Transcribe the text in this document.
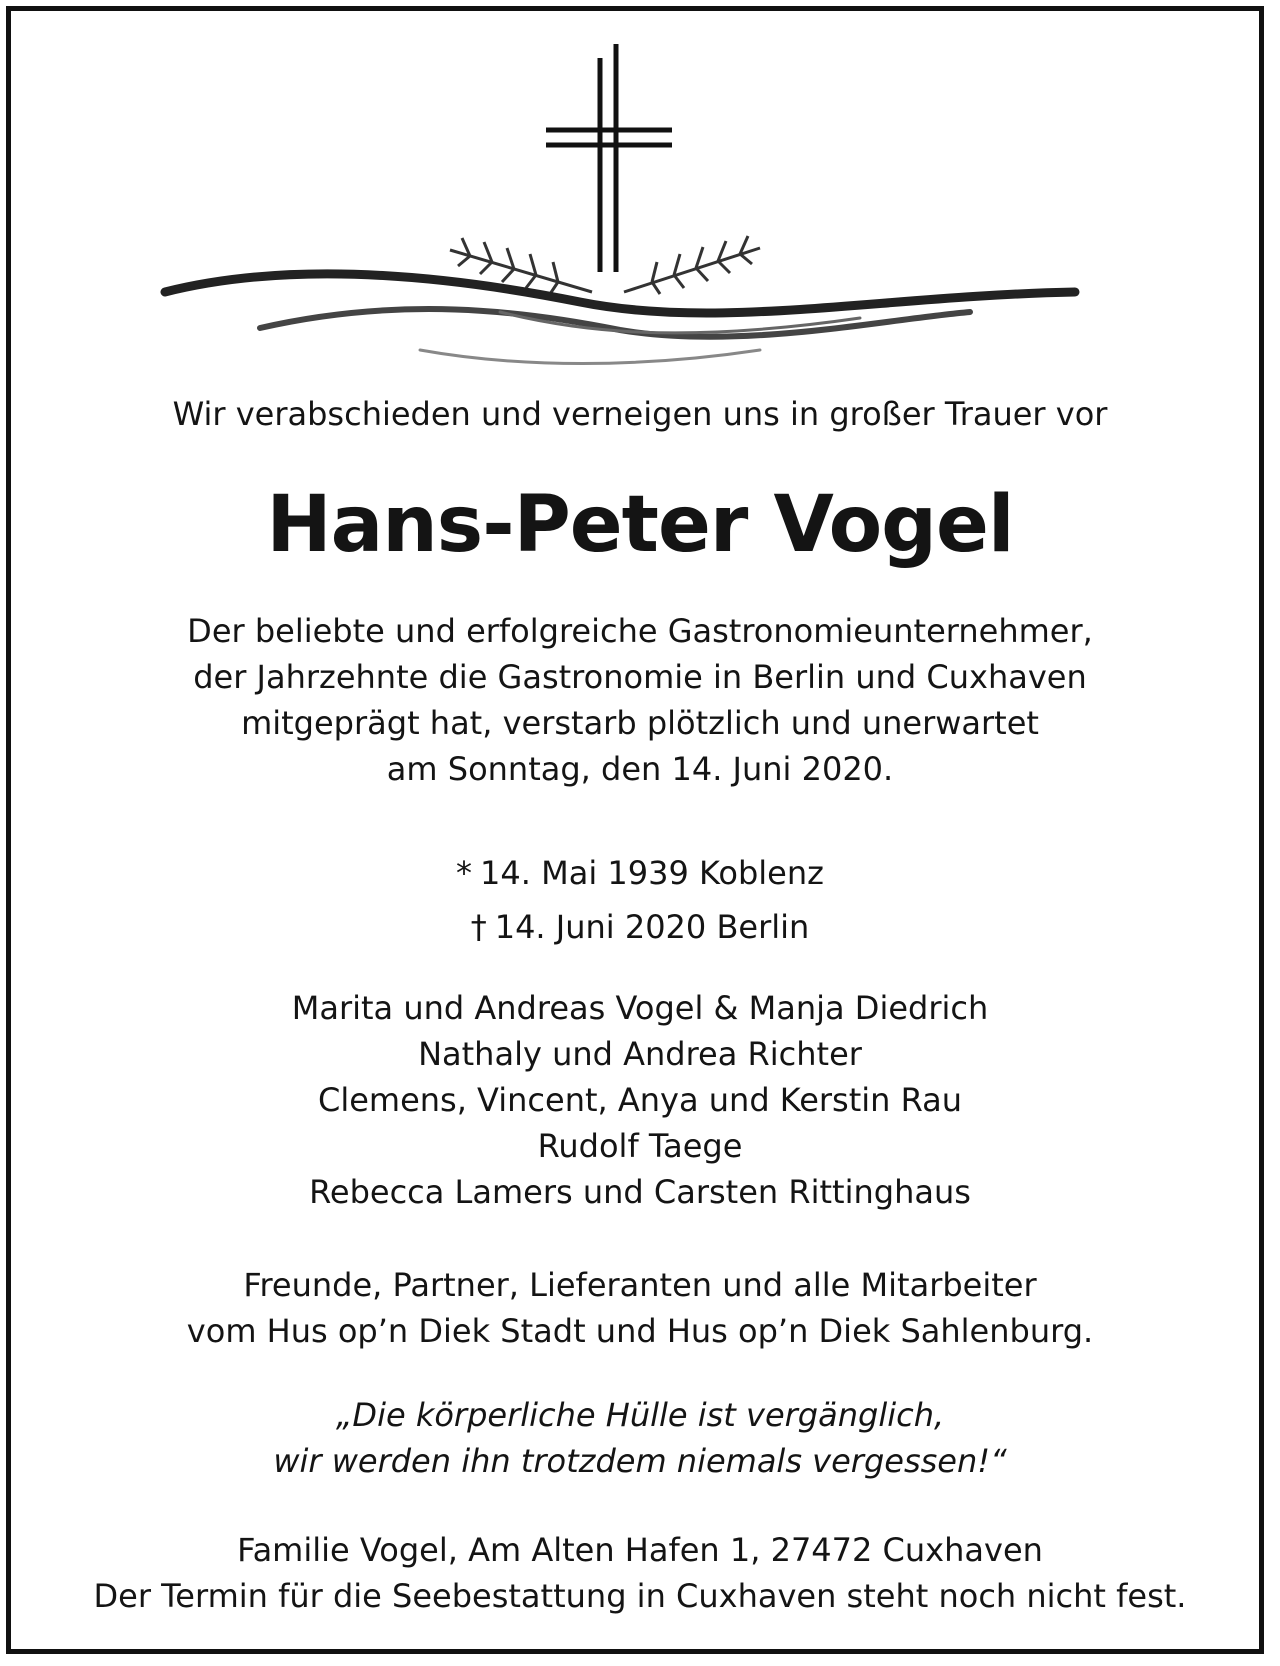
Wir verabschieden und verneigen uns in großer Trauer vor

Hans-Peter Vogel
Der beliebte und erfolgreiche Gastronomieunternehmer,
der Jahrzehnte die Gastronomie in Berlin und Cuxhaven
mitgeprägt hat, verstarb plötzlich und unerwartet
am Sonntag, den 14. Juni 2020.
* 14. Mai 1939 Koblenz
† 14. Juni 2020 Berlin
Marita und Andreas Vogel & Manja Diedrich
Nathaly und Andrea Richter
Clemens, Vincent, Anya und Kerstin Rau
Rudolf Taege
Rebecca Lamers und Carsten Rittinghaus
Freunde, Partner, Lieferanten und alle Mitarbeiter
vom Hus op’n Diek Stadt und Hus op’n Diek Sahlenburg.
„Die körperliche Hülle ist vergänglich,
wir werden ihn trotzdem niemals vergessen!“
Familie Vogel, Am Alten Hafen 1, 27472 Cuxhaven
Der Termin für die Seebestattung in Cuxhaven steht noch nicht fest.
